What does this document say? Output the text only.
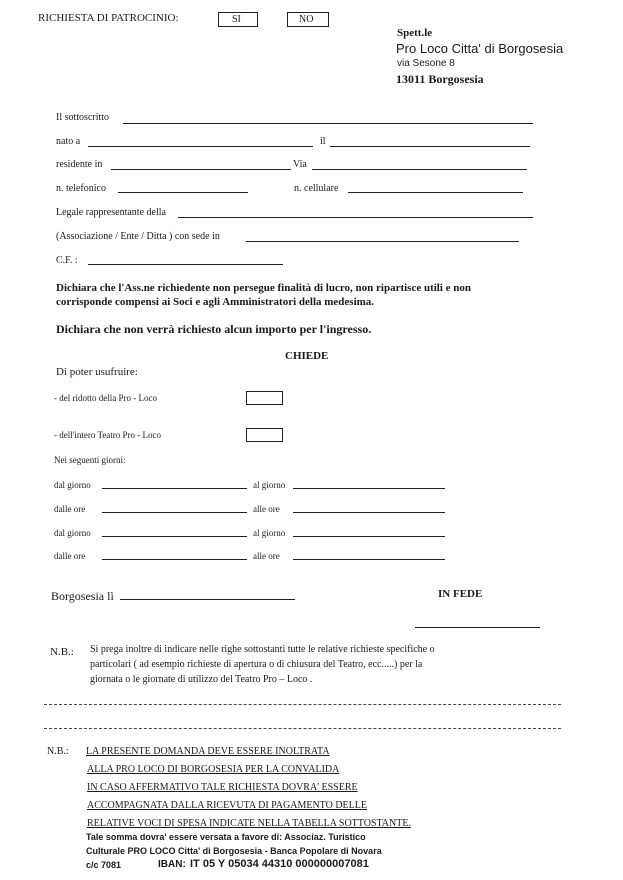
RICHIESTA DI PATROCINIO:	SI	NO
Spett.le
Pro Loco Citta' di Borgosesia
via Sesone 8
13011 Borgosesia
Il sottoscritto
nato a	il
residente in	Via
n. telefonico	n. cellulare
Legale rappresentante della
(Associazione / Ente / Ditta ) con sede in
C.F. :
Dichiara che l'Ass.ne richiedente non persegue finalità di lucro, non ripartisce utili e non
corrisponde compensi ai Soci e agli Amministratori della medesima.
Dichiara che non verrà richiesto alcun importo per l'ingresso.
CHIEDE
Di poter usufruire:
- del ridotto della Pro - Loco
- dell'intero Teatro Pro - Loco
Nei seguenti giorni:
dal giorno	al giorno
dalle ore	alle ore
dal giorno	al giorno
dalle ore	alle ore
Borgosesia lì	IN FEDE
N.B.: Si prega inoltre di indicare nelle righe sottostanti tutte le relative richieste specifiche o
particolari ( ad esempio richieste di apertura o di chiusura del Teatro, ecc.....) per la
giornata o le giornate di utilizzo del Teatro Pro – Loco .
N.B.: LA PRESENTE DOMANDA DEVE ESSERE INOLTRATA
ALLA PRO LOCO DI BORGOSESIA PER LA CONVALIDA
IN CASO AFFERMATIVO TALE RICHIESTA DOVRA' ESSERE
ACCOMPAGNATA DALLA RICEVUTA DI PAGAMENTO DELLE
RELATIVE VOCI DI SPESA INDICATE NELLA TABELLA SOTTOSTANTE.
Tale somma dovra' essere versata a favore di: Associaz. Turistico
Culturale PRO LOCO Citta' di Borgosesia - Banca Popolare di Novara
c/c 7081	IBAN: IT 05 Y 05034 44310 000000007081
